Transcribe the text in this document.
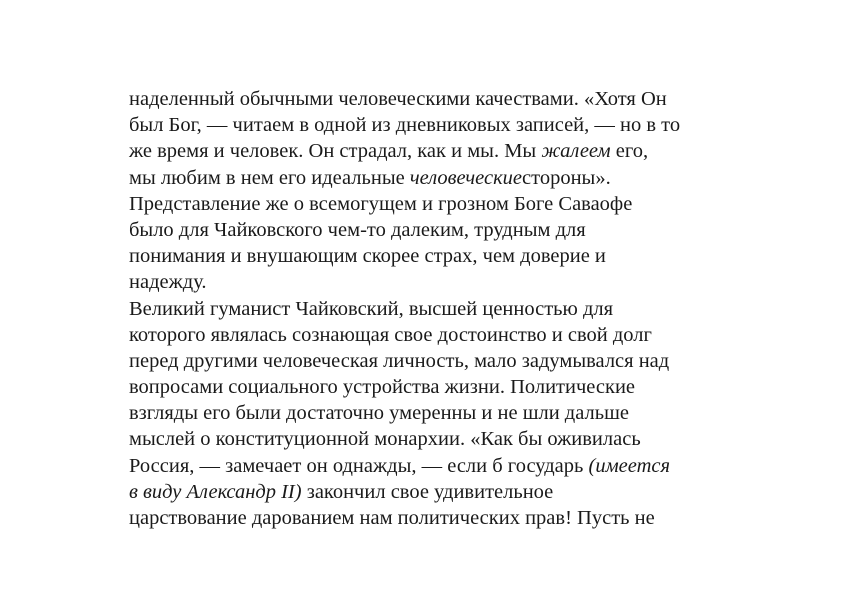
наделенный обычными человеческими качествами. «Хотя Он
был Бог, — читаем в одной из дневниковых записей, — но в то
же время и человек. Он страдал, как и мы. Мы жалеем его,
мы любим в нем его идеальные человеческиестороны».
Представление же о всемогущем и грозном Боге Саваофе
было для Чайковского чем-то далеким, трудным для
понимания и внушающим скорее страх, чем доверие и
надежду.
Великий гуманист Чайковский, высшей ценностью для
которого являлась сознающая свое достоинство и свой долг
перед другими человеческая личность, мало задумывался над
вопросами социального устройства жизни. Политические
взгляды его были достаточно умеренны и не шли дальше
мыслей о конституционной монархии. «Как бы оживилась
Россия, — замечает он однажды, — если б государь (имеется
в виду Александр II) закончил свое удивительное
царствование дарованием нам политических прав! Пусть не
